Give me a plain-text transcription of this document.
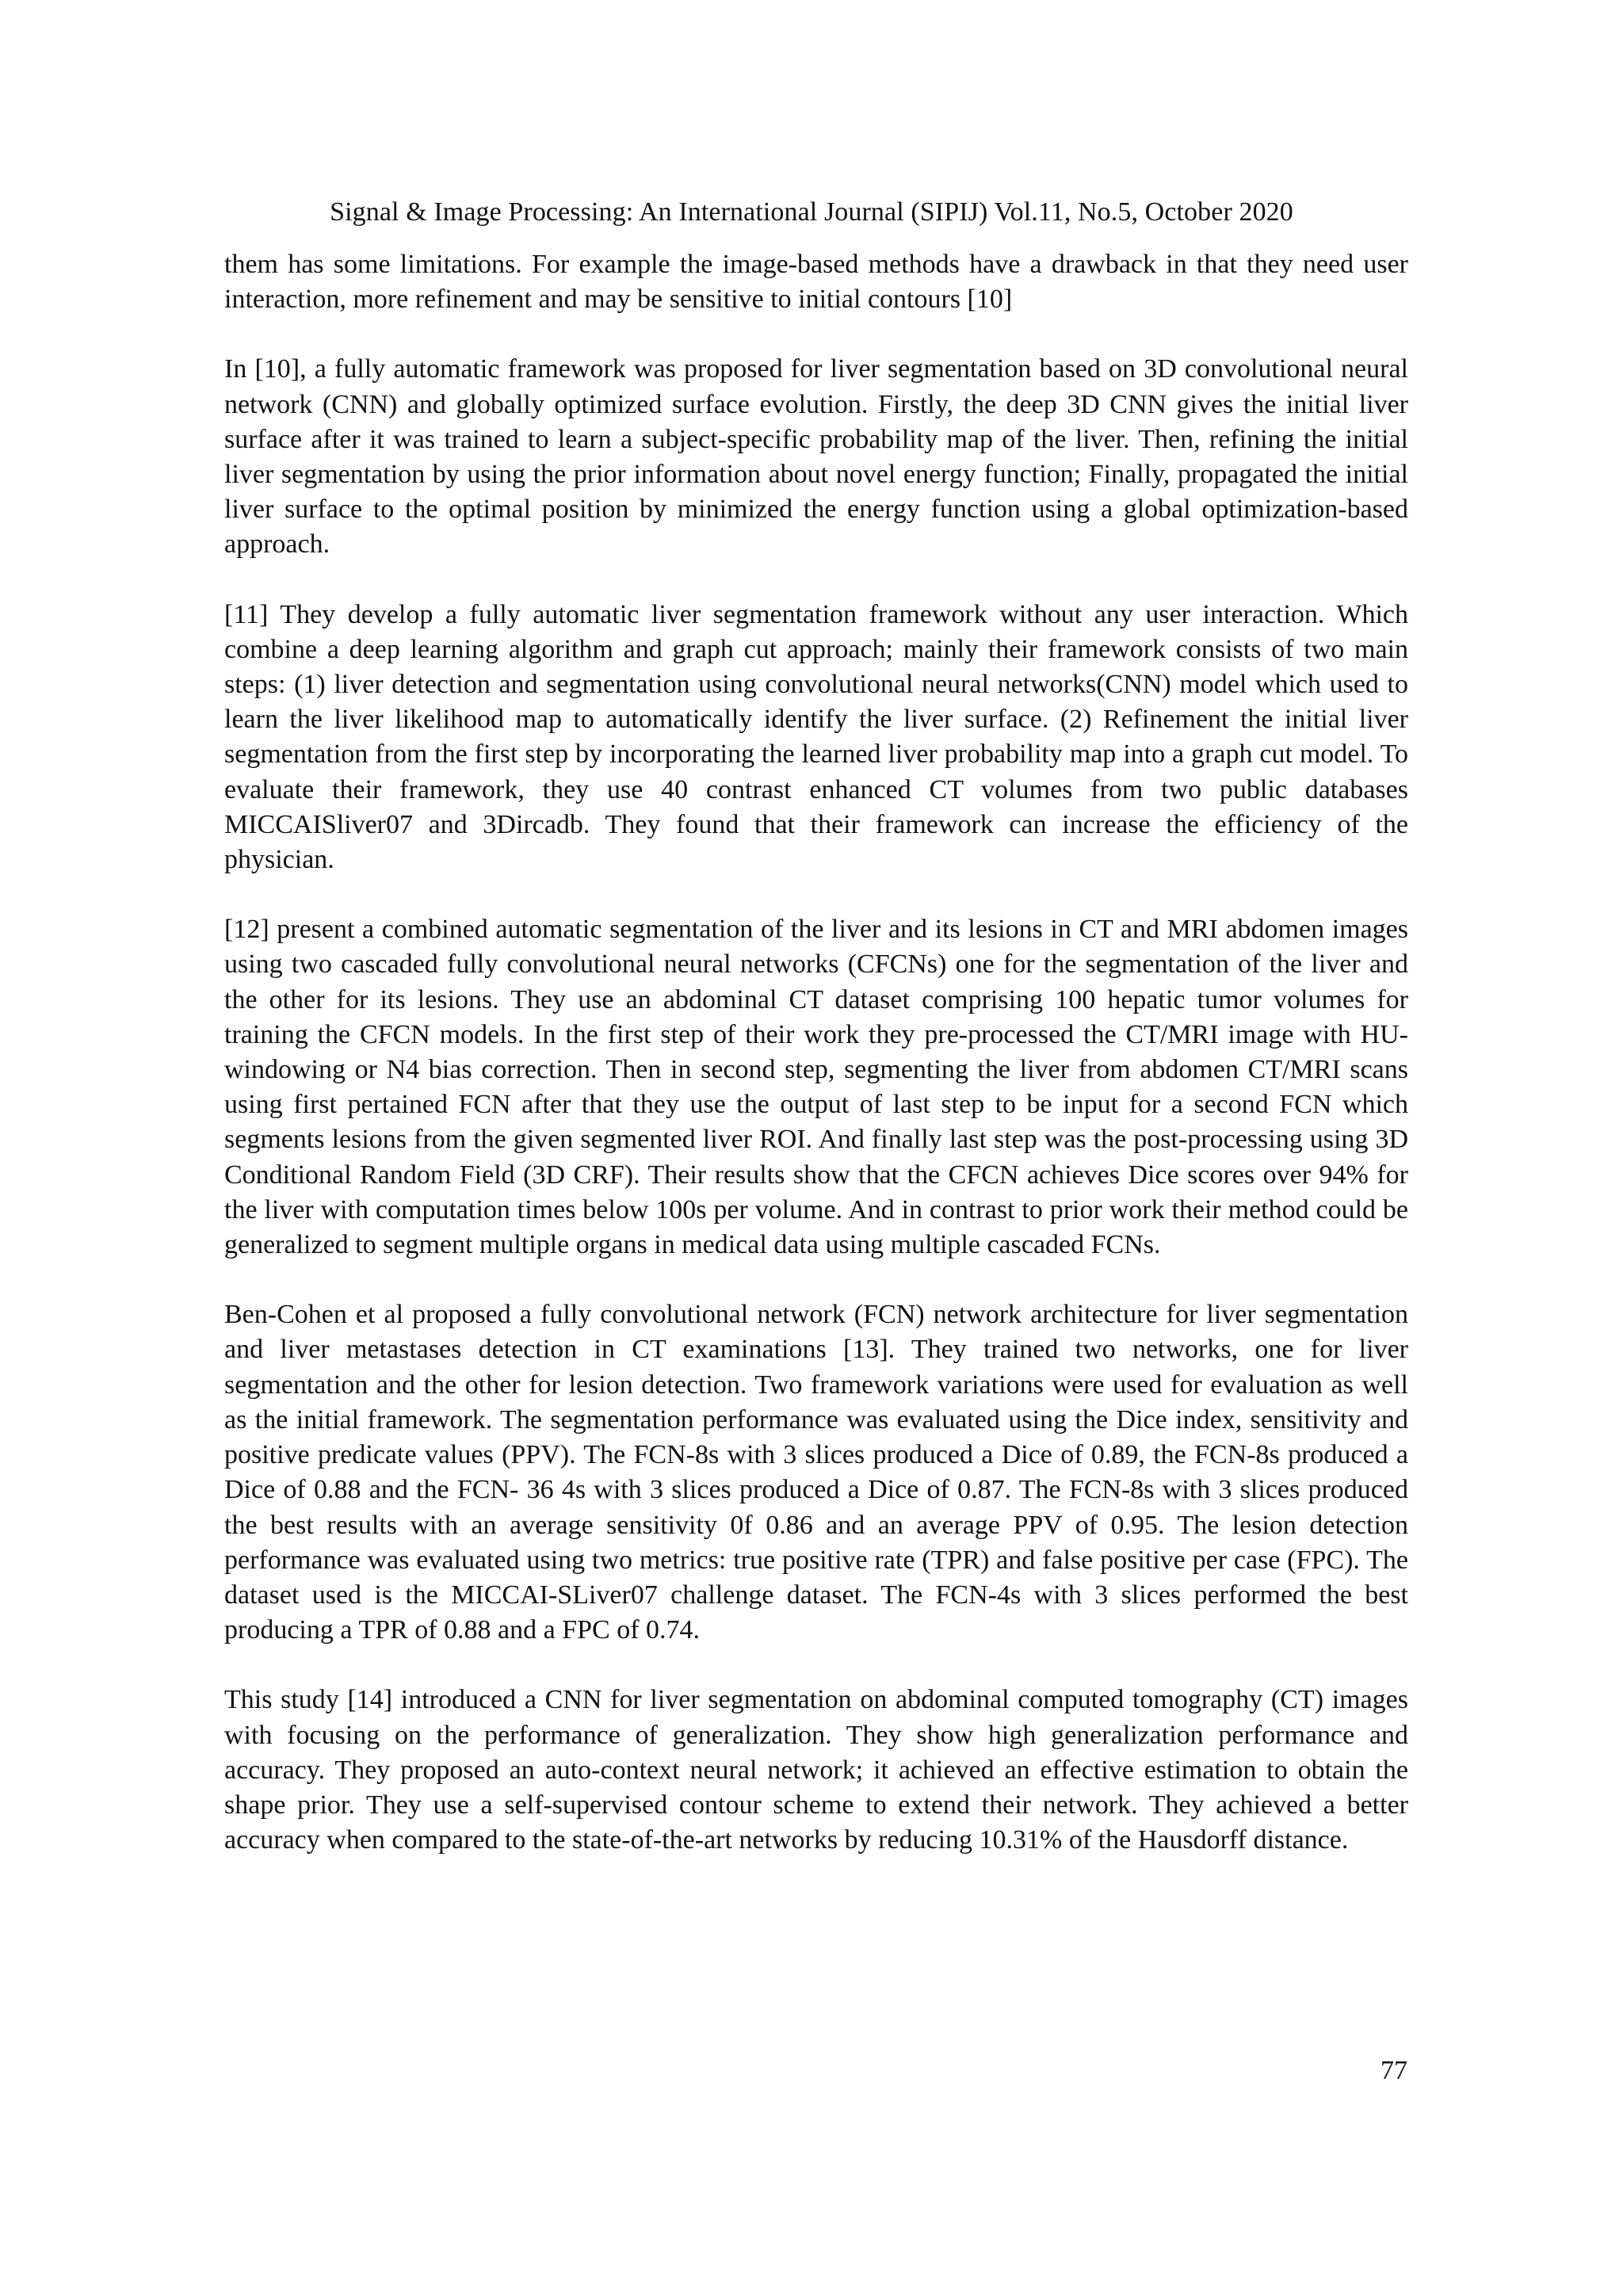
Signal & Image Processing: An International Journal (SIPIJ) Vol.11, No.5, October 2020

them has some limitations. For example the image-based methods have a drawback in that they need user interaction, more refinement and may be sensitive to initial contours [10]

In [10], a fully automatic framework was proposed for liver segmentation based on 3D convolutional neural network (CNN) and globally optimized surface evolution. Firstly, the deep 3D CNN gives the initial liver surface after it was trained to learn a subject-specific probability map of the liver. Then, refining the initial liver segmentation by using the prior information about novel energy function; Finally, propagated the initial liver surface to the optimal position by minimized the energy function using a global optimization-based approach.

[11] They develop a fully automatic liver segmentation framework without any user interaction. Which combine a deep learning algorithm and graph cut approach; mainly their framework consists of two main steps: (1) liver detection and segmentation using convolutional neural networks(CNN) model which used to learn the liver likelihood map to automatically identify the liver surface. (2) Refinement the initial liver segmentation from the first step by incorporating the learned liver probability map into a graph cut model. To evaluate their framework, they use 40 contrast enhanced CT volumes from two public databases MICCAISliver07 and 3Dircadb. They found that their framework can increase the efficiency of the physician.

[12] present a combined automatic segmentation of the liver and its lesions in CT and MRI abdomen images using two cascaded fully convolutional neural networks (CFCNs) one for the segmentation of the liver and the other for its lesions. They use an abdominal CT dataset comprising 100 hepatic tumor volumes for training the CFCN models. In the first step of their work they pre-processed the CT/MRI image with HU-windowing or N4 bias correction. Then in second step, segmenting the liver from abdomen CT/MRI scans using first pertained FCN after that they use the output of last step to be input for a second FCN which segments lesions from the given segmented liver ROI. And finally last step was the post-processing using 3D Conditional Random Field (3D CRF). Their results show that the CFCN achieves Dice scores over 94% for the liver with computation times below 100s per volume. And in contrast to prior work their method could be generalized to segment multiple organs in medical data using multiple cascaded FCNs.

Ben-Cohen et al proposed a fully convolutional network (FCN) network architecture for liver segmentation and liver metastases detection in CT examinations [13]. They trained two networks, one for liver segmentation and the other for lesion detection. Two framework variations were used for evaluation as well as the initial framework. The segmentation performance was evaluated using the Dice index, sensitivity and positive predicate values (PPV). The FCN-8s with 3 slices produced a Dice of 0.89, the FCN-8s produced a Dice of 0.88 and the FCN- 36 4s with 3 slices produced a Dice of 0.87. The FCN-8s with 3 slices produced the best results with an average sensitivity 0f 0.86 and an average PPV of 0.95. The lesion detection performance was evaluated using two metrics: true positive rate (TPR) and false positive per case (FPC). The dataset used is the MICCAI-SLiver07 challenge dataset. The FCN-4s with 3 slices performed the best producing a TPR of 0.88 and a FPC of 0.74.

This study [14] introduced a CNN for liver segmentation on abdominal computed tomography (CT) images with focusing on the performance of generalization. They show high generalization performance and accuracy. They proposed an auto-context neural network; it achieved an effective estimation to obtain the shape prior. They use a self-supervised contour scheme to extend their network. They achieved a better accuracy when compared to the state-of-the-art networks by reducing 10.31% of the Hausdorff distance.

77
